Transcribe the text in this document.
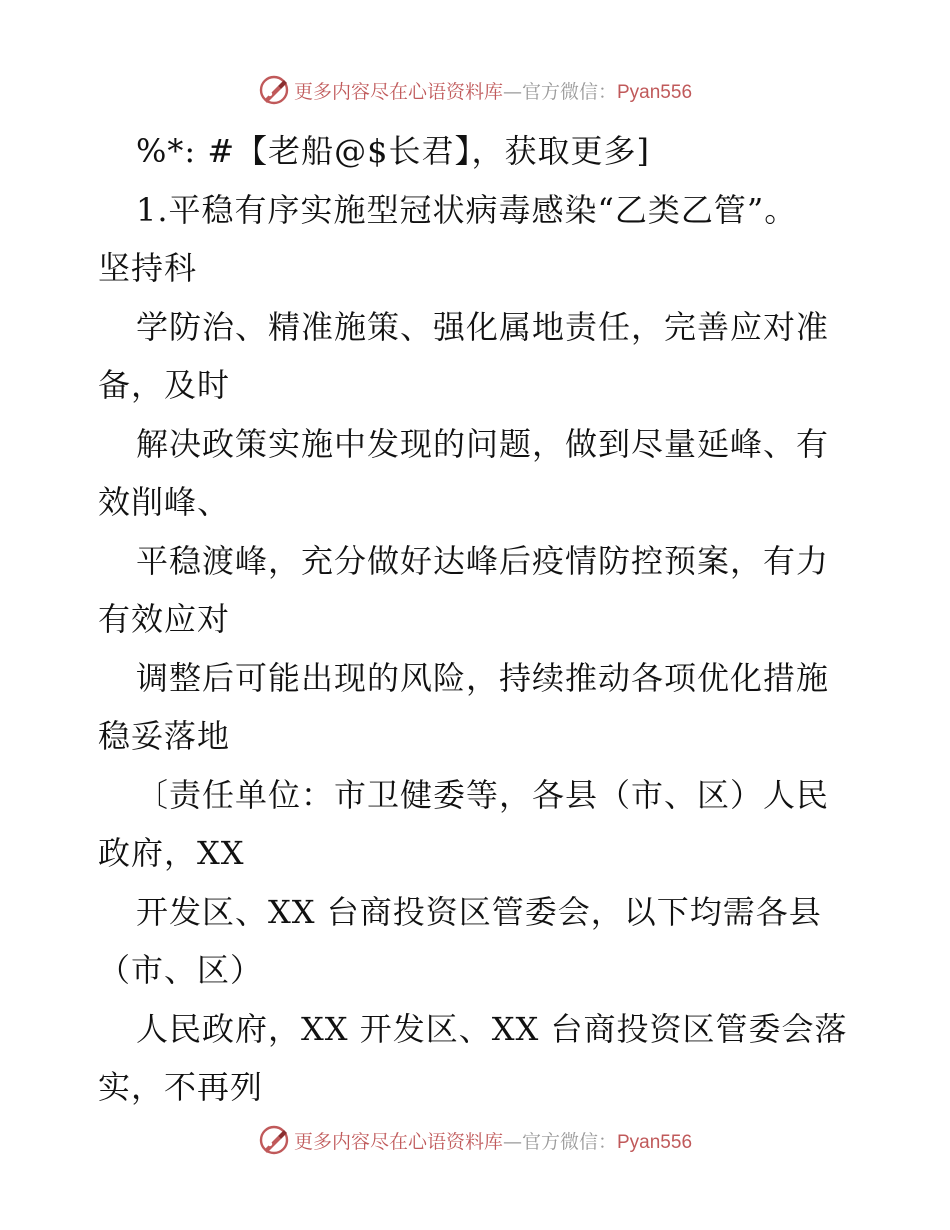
更多内容尽在心语资料库—官方微信：Pyan556
%*: #【老船@$长君】，获取更多]
1.平稳有序实施型冠状病毒感染“乙类乙管”。
坚持科
学防治、精准施策、强化属地责任，完善应对准
备，及时
解决政策实施中发现的问题，做到尽量延峰、有
效削峰、
平稳渡峰，充分做好达峰后疫情防控预案，有力
有效应对
调整后可能出现的风险，持续推动各项优化措施
稳妥落地
〔责任单位：市卫健委等，各县（市、区）人民
政府，XX
开发区、XX 台商投资区管委会，以下均需各县
（市、区）
人民政府，XX 开发区、XX 台商投资区管委会落
实，不再列
更多内容尽在心语资料库—官方微信：Pyan556
